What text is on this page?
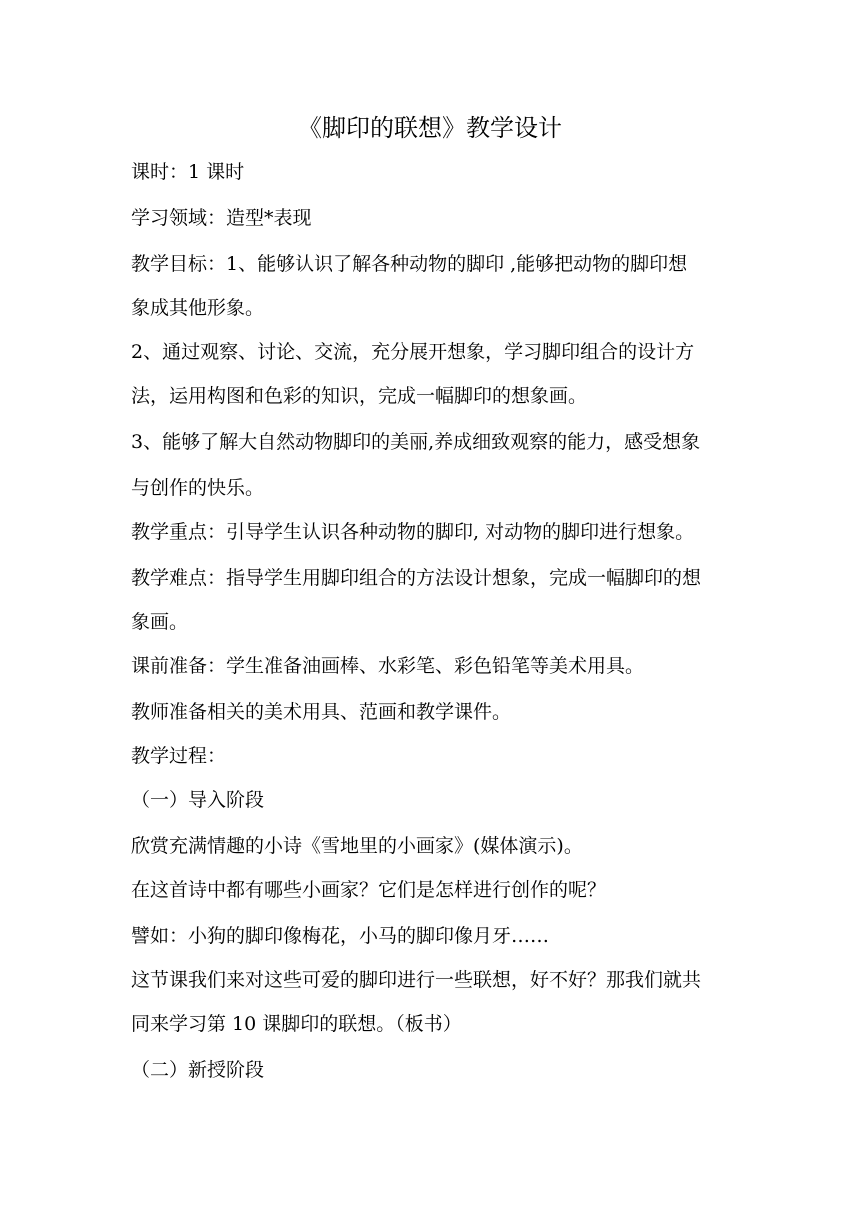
《脚印的联想》教学设计
课时：1 课时
学习领域：造型*表现
教学目标：1、能够认识了解各种动物的脚印 ,能够把动物的脚印想
象成其他形象。
2、通过观察、讨论、交流，充分展开想象，学习脚印组合的设计方
法，运用构图和色彩的知识，完成一幅脚印的想象画。
3、能够了解大自然动物脚印的美丽,养成细致观察的能力，感受想象
与创作的快乐。
教学重点：引导学生认识各种动物的脚印, 对动物的脚印进行想象。
教学难点：指导学生用脚印组合的方法设计想象，完成一幅脚印的想
象画。
课前准备：学生准备油画棒、水彩笔、彩色铅笔等美术用具。
教师准备相关的美术用具、范画和教学课件。
教学过程：
（一）导入阶段
欣赏充满情趣的小诗《雪地里的小画家》(媒体演示)。
在这首诗中都有哪些小画家？它们是怎样进行创作的呢？
譬如：小狗的脚印像梅花，小马的脚印像月牙……
这节课我们来对这些可爱的脚印进行一些联想，好不好？那我们就共
同来学习第 10 课脚印的联想。（板书）
（二）新授阶段
